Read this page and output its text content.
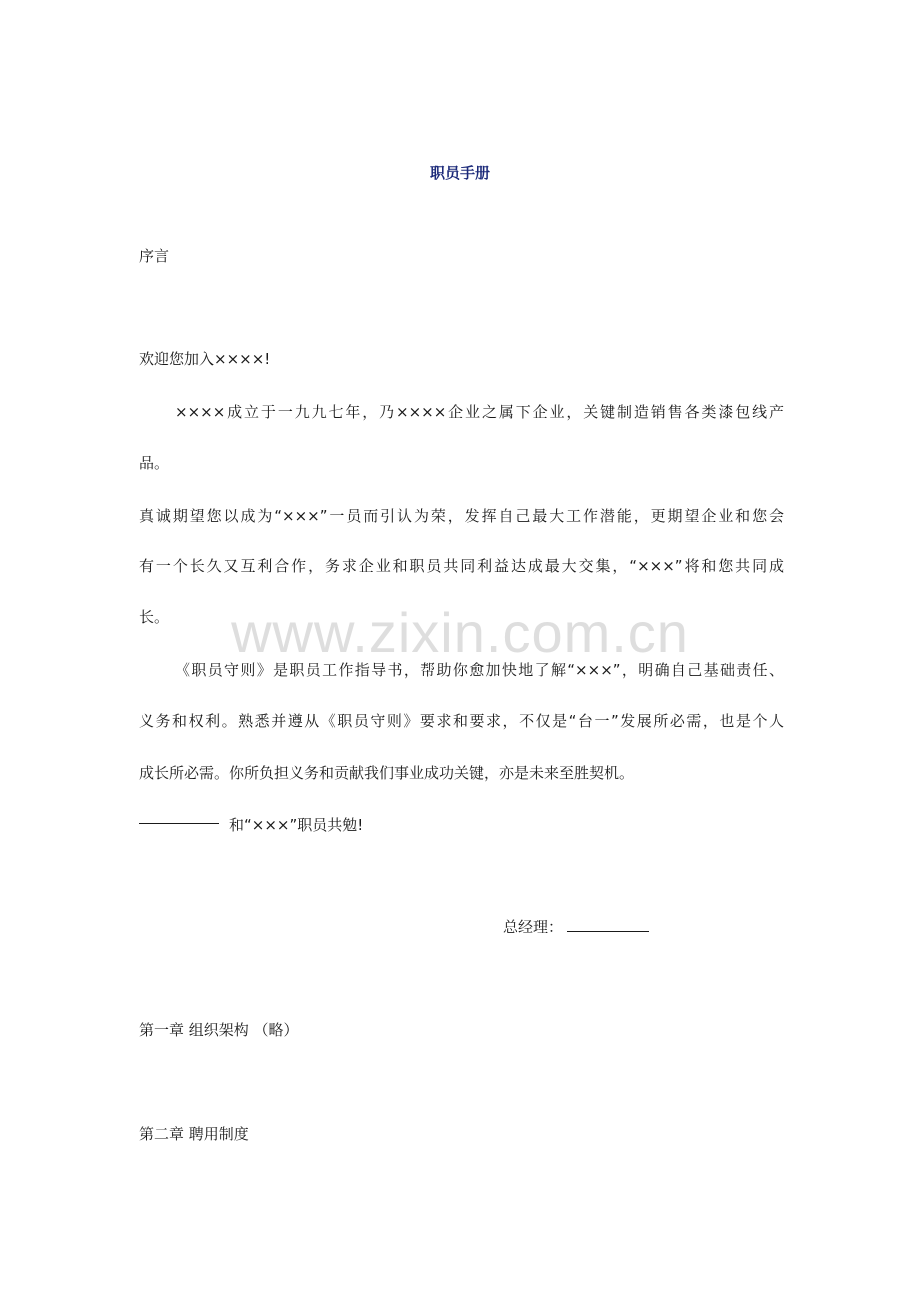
www.zixin.com.cn
职员手册
序言
欢迎您加入××××!
××××成立于一九九七年，乃××××企业之属下企业，关键制造销售各类漆包线产
品。
真诚期望您以成为“×××”一员而引认为荣，发挥自己最大工作潜能，更期望企业和您会
有一个长久又互利合作，务求企业和职员共同利益达成最大交集，“×××”将和您共同成
长。
《职员守则》是职员工作指导书，帮助你愈加快地了解“×××”，明确自己基础责任、
义务和权利。熟悉并遵从《职员守则》要求和要求，不仅是“台一”发展所必需，也是个人
成长所必需。你所负担义务和贡献我们事业成功关键，亦是未来至胜契机。
和“×××”职员共勉!
总经理：
第一章 组织架构 （略）
第二章 聘用制度
